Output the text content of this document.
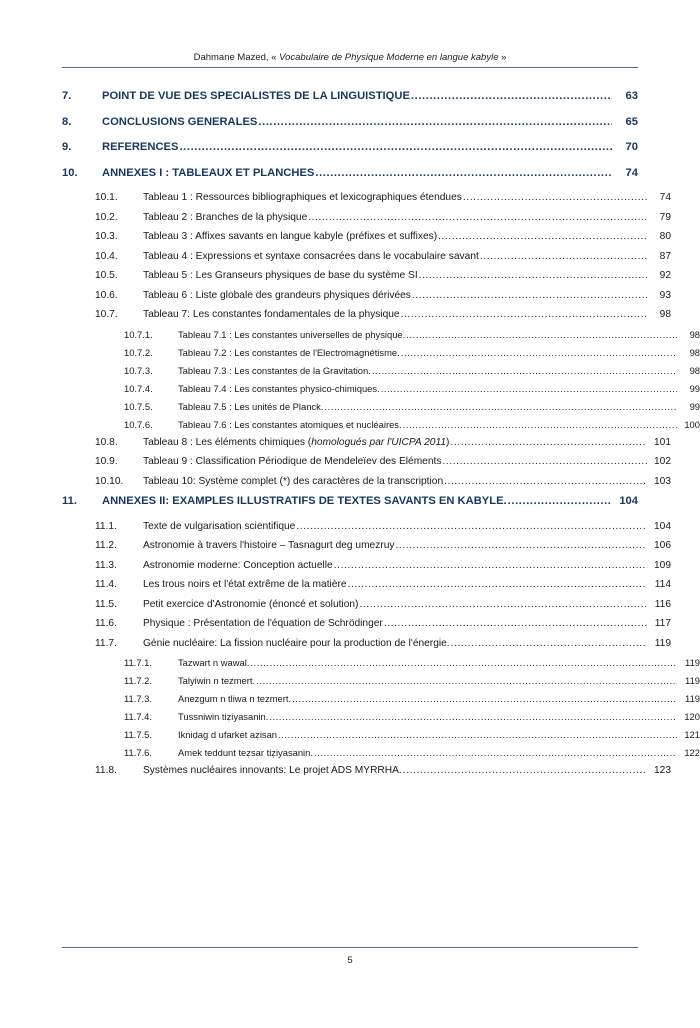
Dahmane Mazed, « Vocabulaire de Physique Moderne en langue kabyle »
7.	POINT DE VUE DES SPECIALISTES DE LA LINGUISTIQUE .....	63
8.	CONCLUSIONS GENERALES .....	65
9.	REFERENCES .....	70
10.	ANNEXES I : TABLEAUX ET PLANCHES .....	74
10.1.	Tableau 1 : Ressources bibliographiques et lexicographiques étendues .....	74
10.2.	Tableau 2 : Branches de la physique .....	79
10.3.	Tableau 3 : Affixes savants en langue kabyle (préfixes et suffixes) .....	80
10.4.	Tableau 4 : Expressions et syntaxe consacrées dans le vocabulaire savant .....	87
10.5.	Tableau 5 : Les Granseurs physiques de base du système SI .....	92
10.6.	Tableau 6 : Liste globale des grandeurs physiques dérivées .....	93
10.7.	Tableau 7: Les constantes fondamentales de la physique .....	98
10.7.1.	Tableau 7.1 : Les constantes universelles de physique. .....	98
10.7.2.	Tableau 7.2 : Les constantes de l'Electromagnétisme. .....	98
10.7.3.	Tableau 7.3 : Les constantes de la Gravitation. .....	98
10.7.4.	Tableau 7.4 : Les constantes physico-chimiques. .....	99
10.7.5.	Tableau 7.5 : Les unités de Planck. .....	99
10.7.6.	Tableau 7.6 : Les constantes atomiques et nucléaires. .....	100
10.8.	Tableau 8 : Les éléments chimiques (homologués par l'UICPA 2011) .....	101
10.9.	Tableau 9 : Classification Périodique de Mendeleïev des Eléments .....	102
10.10.	Tableau 10: Système complet (*) des caractères de la transcription .....	103
11.	ANNEXES II: EXAMPLES ILLUSTRATIFS DE TEXTES SAVANTS EN KABYLE. .....	104
11.1.	Texte de vulgarisation scientifique .....	104
11.2.	Astronomie à travers l'histoire – Tasnagurt deg umezruy .....	106
11.3.	Astronomie moderne: Conception actuelle .....	109
11.4.	Les trous noirs et l'état extrême de la matière .....	114
11.5.	Petit exercice d'Astronomie (énoncé et solution) .....	116
11.6.	Physique : Présentation de l'équation de Schrödinger .....	117
11.7.	Génie nucléaire: La fission nucléaire pour la production de l'énergie. .....	119
11.7.1.	Tazwart n wawal. .....	119
11.7.2.	Talyiwin n tezmert. .....	119
11.7.3.	Anezgum n tliwa n tezmert. .....	119
11.7.4.	Tussniwin tiẓiyasanin. .....	120
11.7.5.	Ikniḍag d ufarket aẓisan .....	121
11.7.6.	Amek teddunt teẓsar tiẓiyasanin. .....	122
11.8.	Systèmes nucléaires innovants: Le projet ADS MYRRHA. .....	123
5
